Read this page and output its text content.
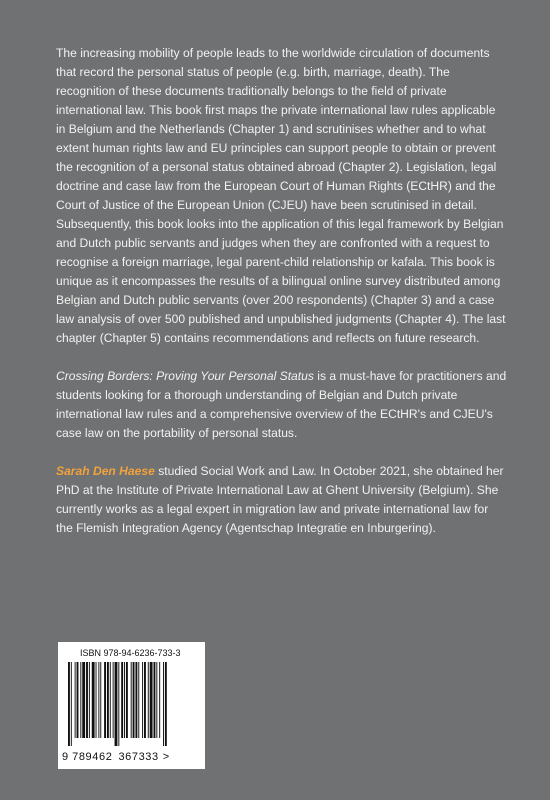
The increasing mobility of people leads to the worldwide circulation of documents that record the personal status of people (e.g. birth, marriage, death). The recognition of these documents traditionally belongs to the field of private international law. This book first maps the private international law rules applicable in Belgium and the Netherlands (Chapter 1) and scrutinises whether and to what extent human rights law and EU principles can support people to obtain or prevent the recognition of a personal status obtained abroad (Chapter 2). Legislation, legal doctrine and case law from the European Court of Human Rights (ECtHR) and the Court of Justice of the European Union (CJEU) have been scrutinised in detail. Subsequently, this book looks into the application of this legal framework by Belgian and Dutch public servants and judges when they are confronted with a request to recognise a foreign marriage, legal parent-child relationship or kafala. This book is unique as it encompasses the results of a bilingual online survey distributed among Belgian and Dutch public servants (over 200 respondents) (Chapter 3) and a case law analysis of over 500 published and unpublished judgments (Chapter 4). The last chapter (Chapter 5) contains recommendations and reflects on future research.

Crossing Borders: Proving Your Personal Status is a must-have for practitioners and students looking for a thorough understanding of Belgian and Dutch private international law rules and a comprehensive overview of the ECtHR's and CJEU's case law on the portability of personal status.

Sarah Den Haese studied Social Work and Law. In October 2021, she obtained her PhD at the Institute of Private International Law at Ghent University (Belgium). She currently works as a legal expert in migration law and private international law for the Flemish Integration Agency (Agentschap Integratie en Inburgering).

ISBN 978-94-6236-733-3
9 789462 367333 >
